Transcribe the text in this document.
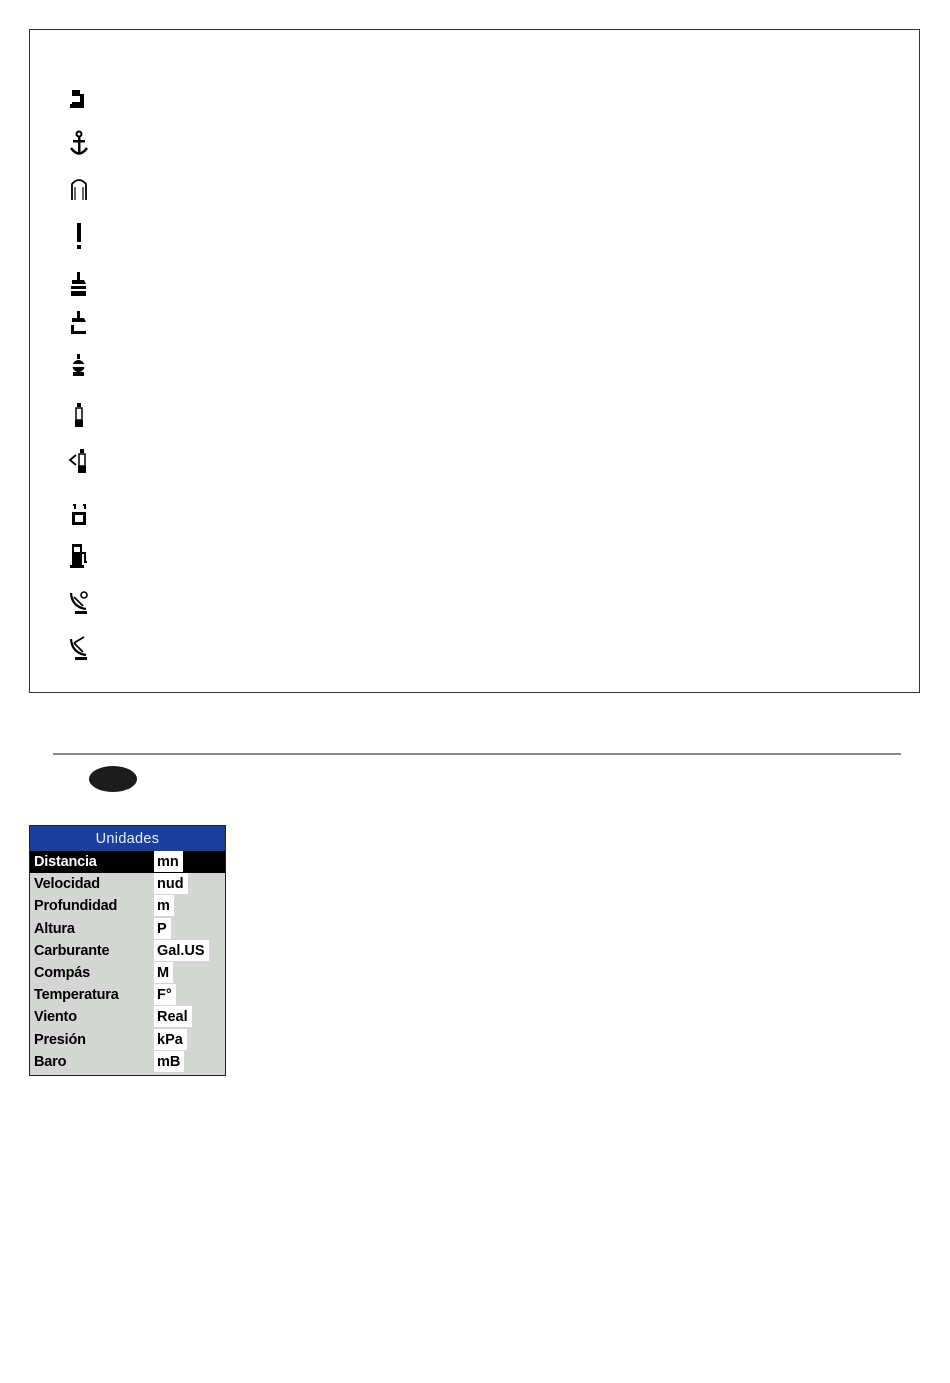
Unidades
Distancia	mn
Velocidad	nud
Profundidad	m
Altura	P
Carburante	Gal.US
Compás	M
Temperatura	F°
Viento	Real
Presión	kPa
Baro	mB
